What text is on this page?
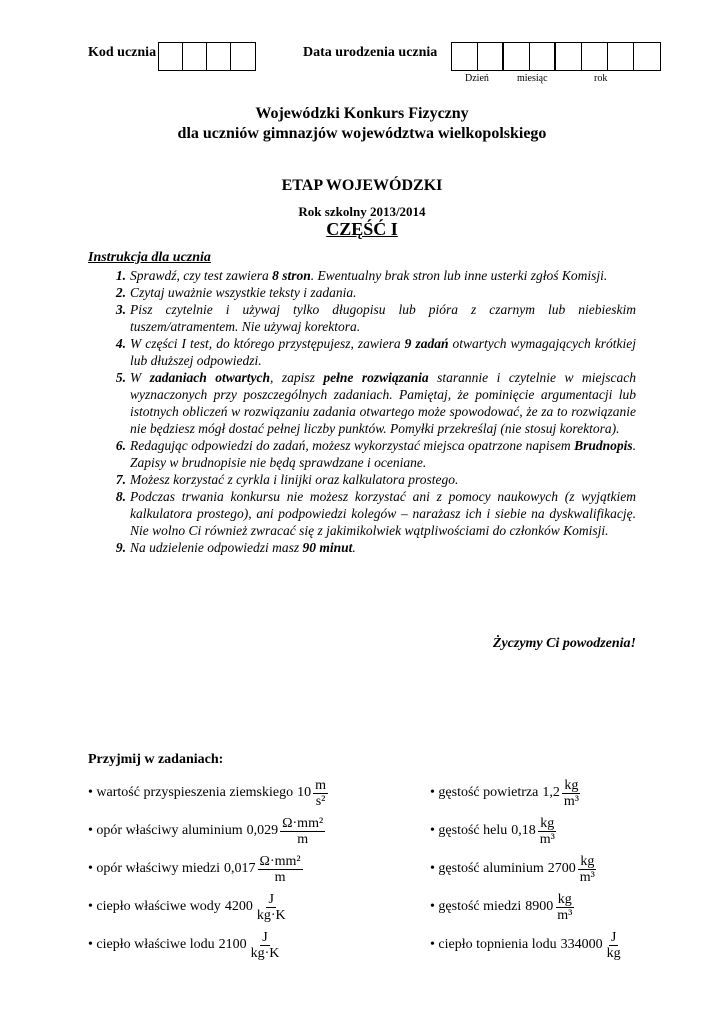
Kod ucznia	Data urodzenia ucznia
Dzień	miesiąc	rok
Wojewódzki Konkurs Fizyczny
dla uczniów gimnazjów województwa wielkopolskiego
ETAP WOJEWÓDZKI
Rok szkolny 2013/2014
CZĘŚĆ I
Instrukcja dla ucznia
1. Sprawdź, czy test zawiera 8 stron. Ewentualny brak stron lub inne usterki zgłoś Komisji.
2. Czytaj uważnie wszystkie teksty i zadania.
3. Pisz czytelnie i używaj tylko długopisu lub pióra z czarnym lub niebieskim tuszem/atramentem. Nie używaj korektora.
4. W części I test, do którego przystępujesz, zawiera 9 zadań otwartych wymagających krótkiej lub dłuższej odpowiedzi.
5. W zadaniach otwartych, zapisz pełne rozwiązania starannie i czytelnie w miejscach wyznaczonych przy poszczególnych zadaniach. Pamiętaj, że pominięcie argumentacji lub istotnych obliczeń w rozwiązaniu zadania otwartego może spowodować, że za to rozwiązanie nie będziesz mógł dostać pełnej liczby punktów. Pomyłki przekreślaj (nie stosuj korektora).
6. Redagując odpowiedzi do zadań, możesz wykorzystać miejsca opatrzone napisem Brudnopis. Zapisy w brudnopisie nie będą sprawdzane i oceniane.
7. Możesz korzystać z cyrkla i linijki oraz kalkulatora prostego.
8. Podczas trwania konkursu nie możesz korzystać ani z pomocy naukowych (z wyjątkiem kalkulatora prostego), ani podpowiedzi kolegów – narażasz ich i siebie na dyskwalifikację. Nie wolno Ci również zwracać się z jakimikolwiek wątpliwościami do członków Komisji.
9. Na udzielenie odpowiedzi masz 90 minut.
Życzymy Ci powodzenia!
Przyjmij w zadaniach:
• wartość przyspieszenia ziemskiego $10 \frac{m}{\text{s²}}$
• opór właściwy aluminium $0,029 \frac{\text{Ω·mm²}}{m}$
• opór właściwy miedzi $0,017 \frac{\text{Ω·mm²}}{m}$
• ciepło właściwe wody $4200 \frac{J}{kg\cdot K}$
• ciepło właściwe lodu $2100 \frac{J}{kg\cdot K}$
• gęstość powietrza $1,2 \frac{kg}{\text{m³}}$
• gęstość helu $0,18 \frac{kg}{\text{m³}}$
• gęstość aluminium $2700 \frac{kg}{\text{m³}}$
• gęstość miedzi $8900 \frac{kg}{\text{m³}}$
• ciepło topnienia lodu $334000 \frac{J}{kg}$
